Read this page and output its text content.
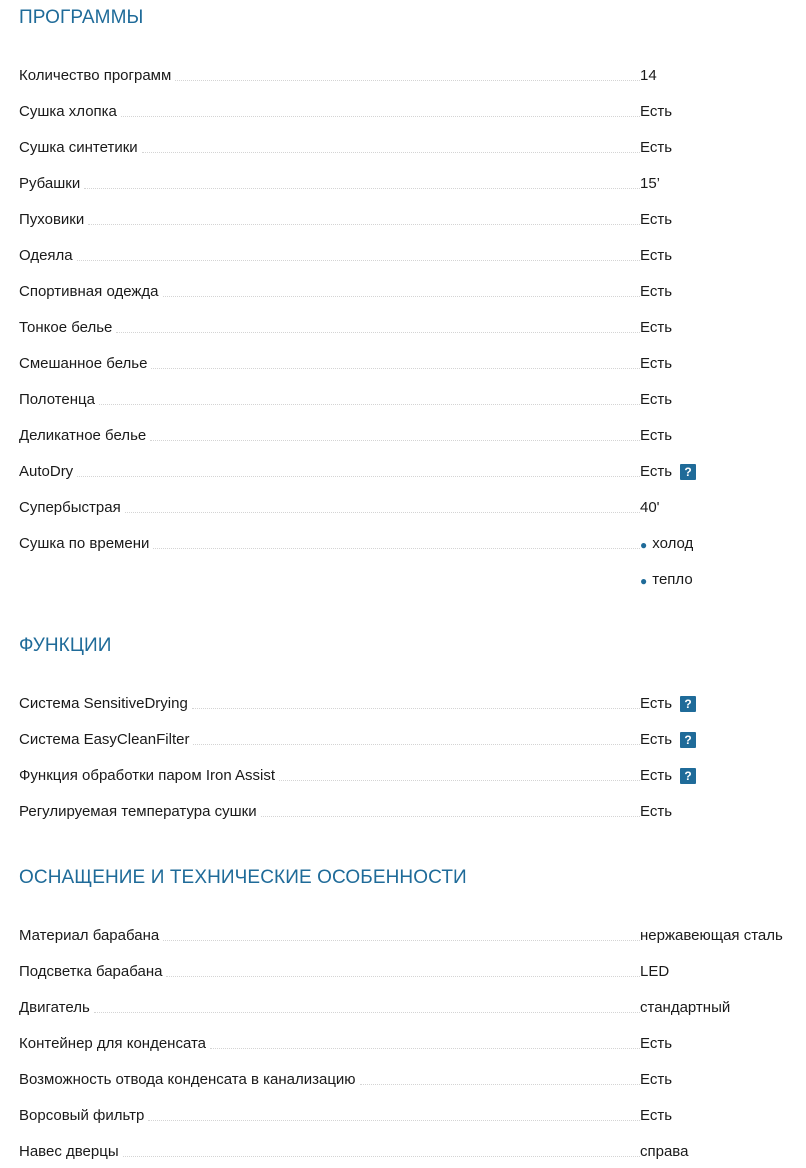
ПРОГРАММЫ
Количество программ	14
Сушка хлопка	Есть
Сушка синтетики	Есть
Рубашки	15’
Пуховики	Есть
Одеяла	Есть
Спортивная одежда	Есть
Тонкое белье	Есть
Смешанное белье	Есть
Полотенца	Есть
Деликатное белье	Есть
AutoDry	Есть	?
Супербыстрая	40'
Сушка по времени	● холод
● тепло
ФУНКЦИИ
Система SensitiveDrying	Есть	?
Система EasyCleanFilter	Есть	?
Функция обработки паром Iron Assist	Есть	?
Регулируемая температура сушки	Есть
ОСНАЩЕНИЕ И ТЕХНИЧЕСКИЕ ОСОБЕННОСТИ
Материал барабана	нержавеющая сталь
Подсветка барабана	LED
Двигатель	стандартный
Контейнер для конденсата	Есть
Возможность отвода конденсата в канализацию	Есть
Ворсовый фильтр	Есть
Навес дверцы	справа
